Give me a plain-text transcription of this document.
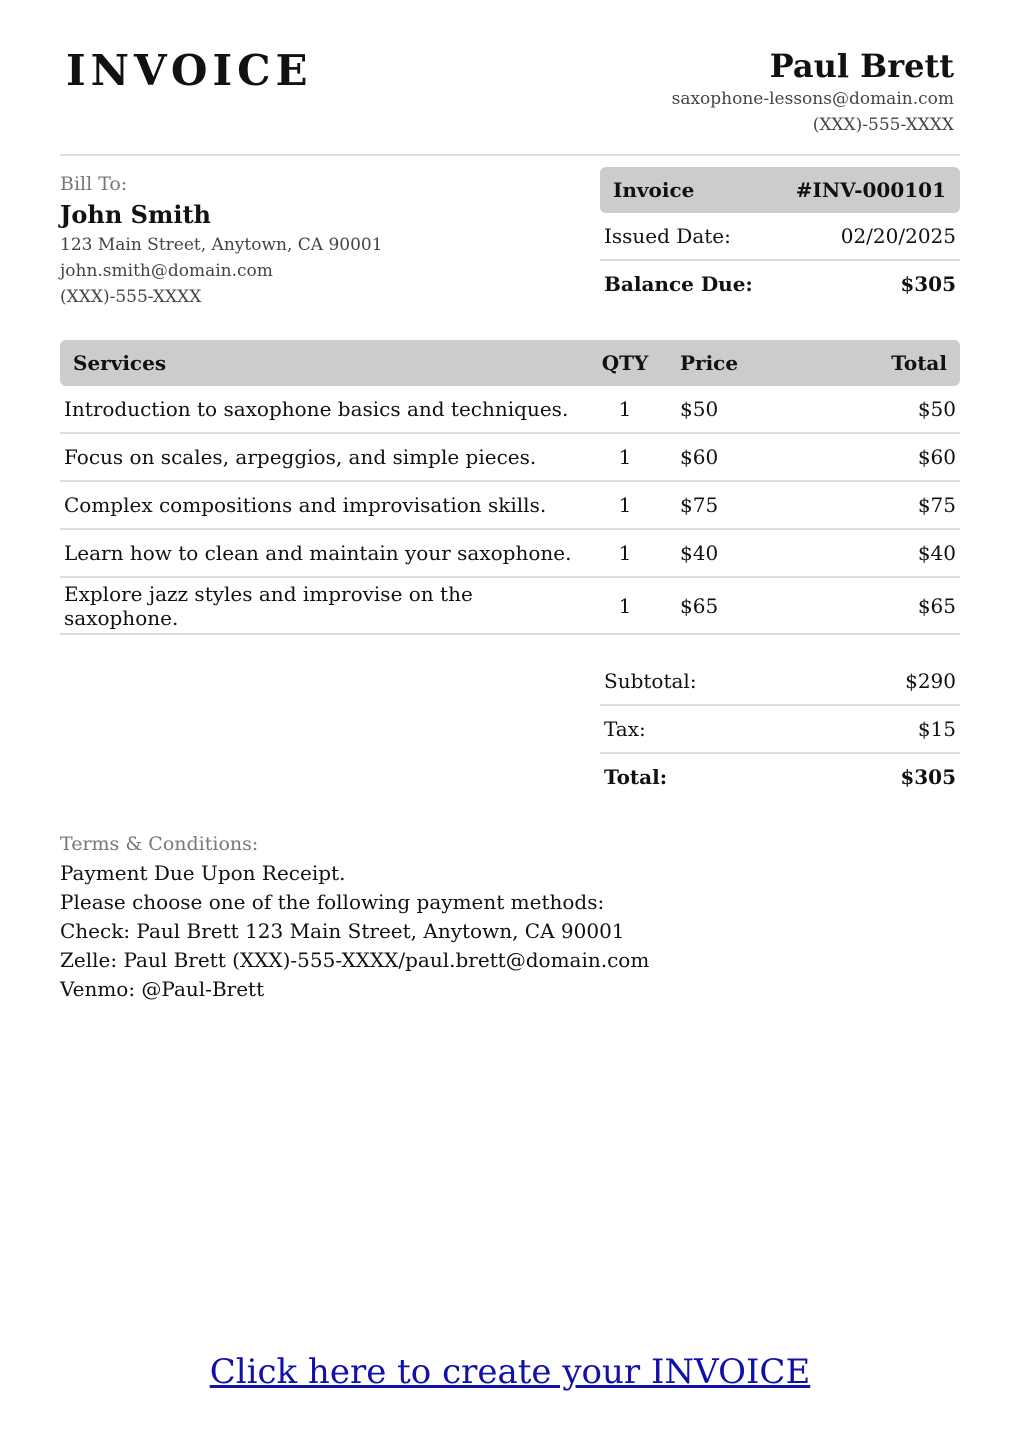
INVOICE	Paul Brett
saxophone-lessons@domain.com
(XXX)-555-XXXX
Bill To:
John Smith
123 Main Street, Anytown, CA 90001
john.smith@domain.com
(XXX)-555-XXXX
Invoice	#INV-000101
Issued Date:	02/20/2025
Balance Due:	$305
Services	QTY	Price	Total
Introduction to saxophone basics and techniques.	1	$50	$50
Focus on scales, arpeggios, and simple pieces.	1	$60	$60
Complex compositions and improvisation skills.	1	$75	$75
Learn how to clean and maintain your saxophone.	1	$40	$40

Explore jazz styles and improvise on the saxophone.	1	$65	$65
Subtotal:	$290
Tax:	$15
Total:	$305
Terms & Conditions:
Payment Due Upon Receipt.
Please choose one of the following payment methods:
Check: Paul Brett 123 Main Street, Anytown, CA 90001
Zelle: Paul Brett (XXX)-555-XXXX/paul.brett@domain.com
Venmo: @Paul-Brett
Click here to create your INVOICE
